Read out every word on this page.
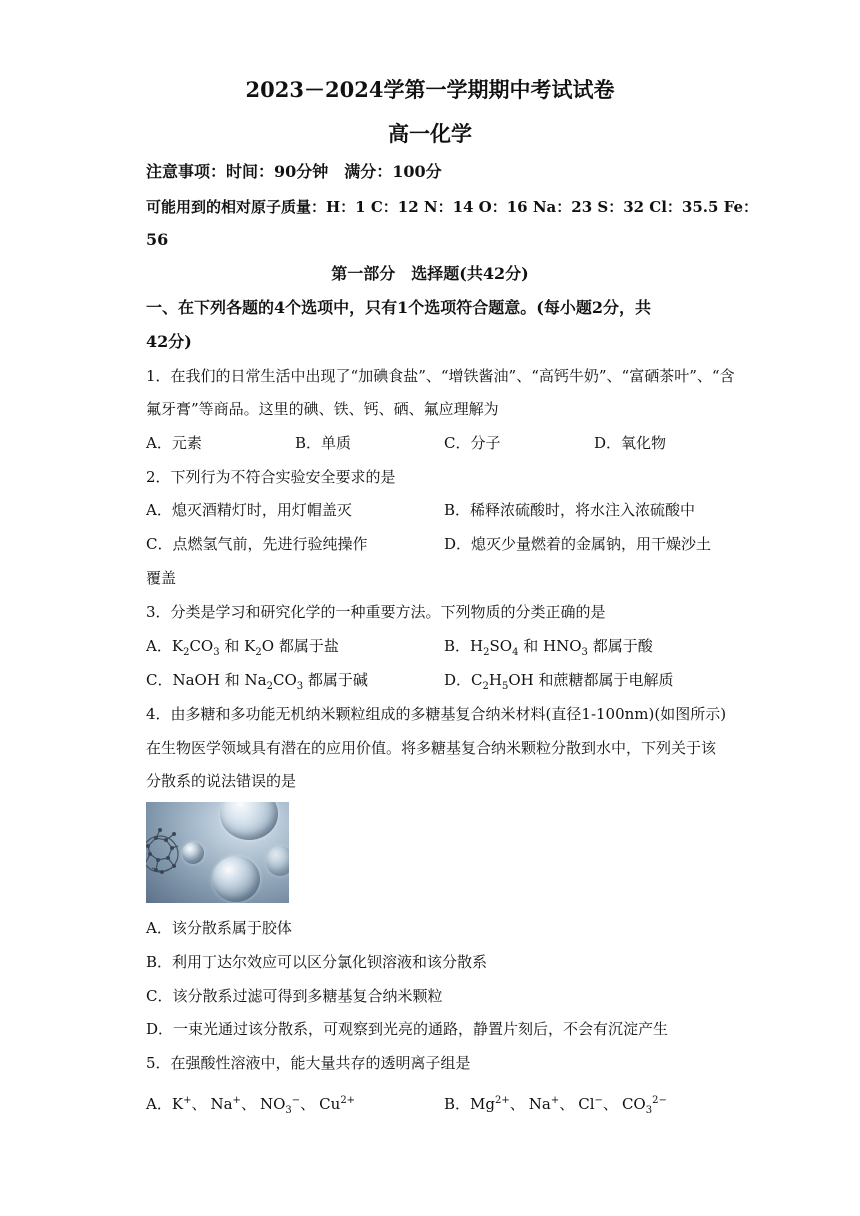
2023－2024学第一学期期中考试试卷
高一化学
注意事项：时间：90分钟　满分：100分
可能用到的相对原子质量：H：1 C：12 N：14 O：16 Na：23 S：32 Cl：35.5 Fe：
56
第一部分　选择题(共42分)
一、在下列各题的4个选项中，只有1个选项符合题意。(每小题2分，共
42分)
1．在我们的日常生活中出现了“加碘食盐”、“增铁酱油”、“高钙牛奶”、“富硒茶叶”、“含
氟牙膏”等商品。这里的碘、铁、钙、硒、氟应理解为
A．元素	B．单质	C．分子	D．氧化物
2．下列行为不符合实验安全要求的是
A．熄灭酒精灯时，用灯帽盖灭	B．稀释浓硫酸时，将水注入浓硫酸中
C．点燃氢气前，先进行验纯操作	D．熄灭少量燃着的金属钠，用干燥沙土
覆盖
3．分类是学习和研究化学的一种重要方法。下列物质的分类正确的是
A．$K_2CO_3$ 和 $K_2O$ 都属于盐	B．$H_2SO_4$ 和 $HNO_3$ 都属于酸
C．NaOH 和 $Na_2CO_3$ 都属于碱	D．$C_2H_5OH$ 和蔗糖都属于电解质
4．由多糖和多功能无机纳米颗粒组成的多糖基复合纳米材料(直径1-100nm)(如图所示)
在生物医学领域具有潜在的应用价值。将多糖基复合纳米颗粒分散到水中，下列关于该
分散系的说法错误的是
A．该分散系属于胶体
B．利用丁达尔效应可以区分氯化钡溶液和该分散系
C．该分散系过滤可得到多糖基复合纳米颗粒
D．一束光通过该分散系，可观察到光亮的通路，静置片刻后，不会有沉淀产生
5．在强酸性溶液中，能大量共存的透明离子组是
A．K+、 Na+、 $NO_3^-$、 $Cu^{2+}$	B．$Mg^{2+}$、 Na+、 Cl−、 $CO_3^{2-}$
